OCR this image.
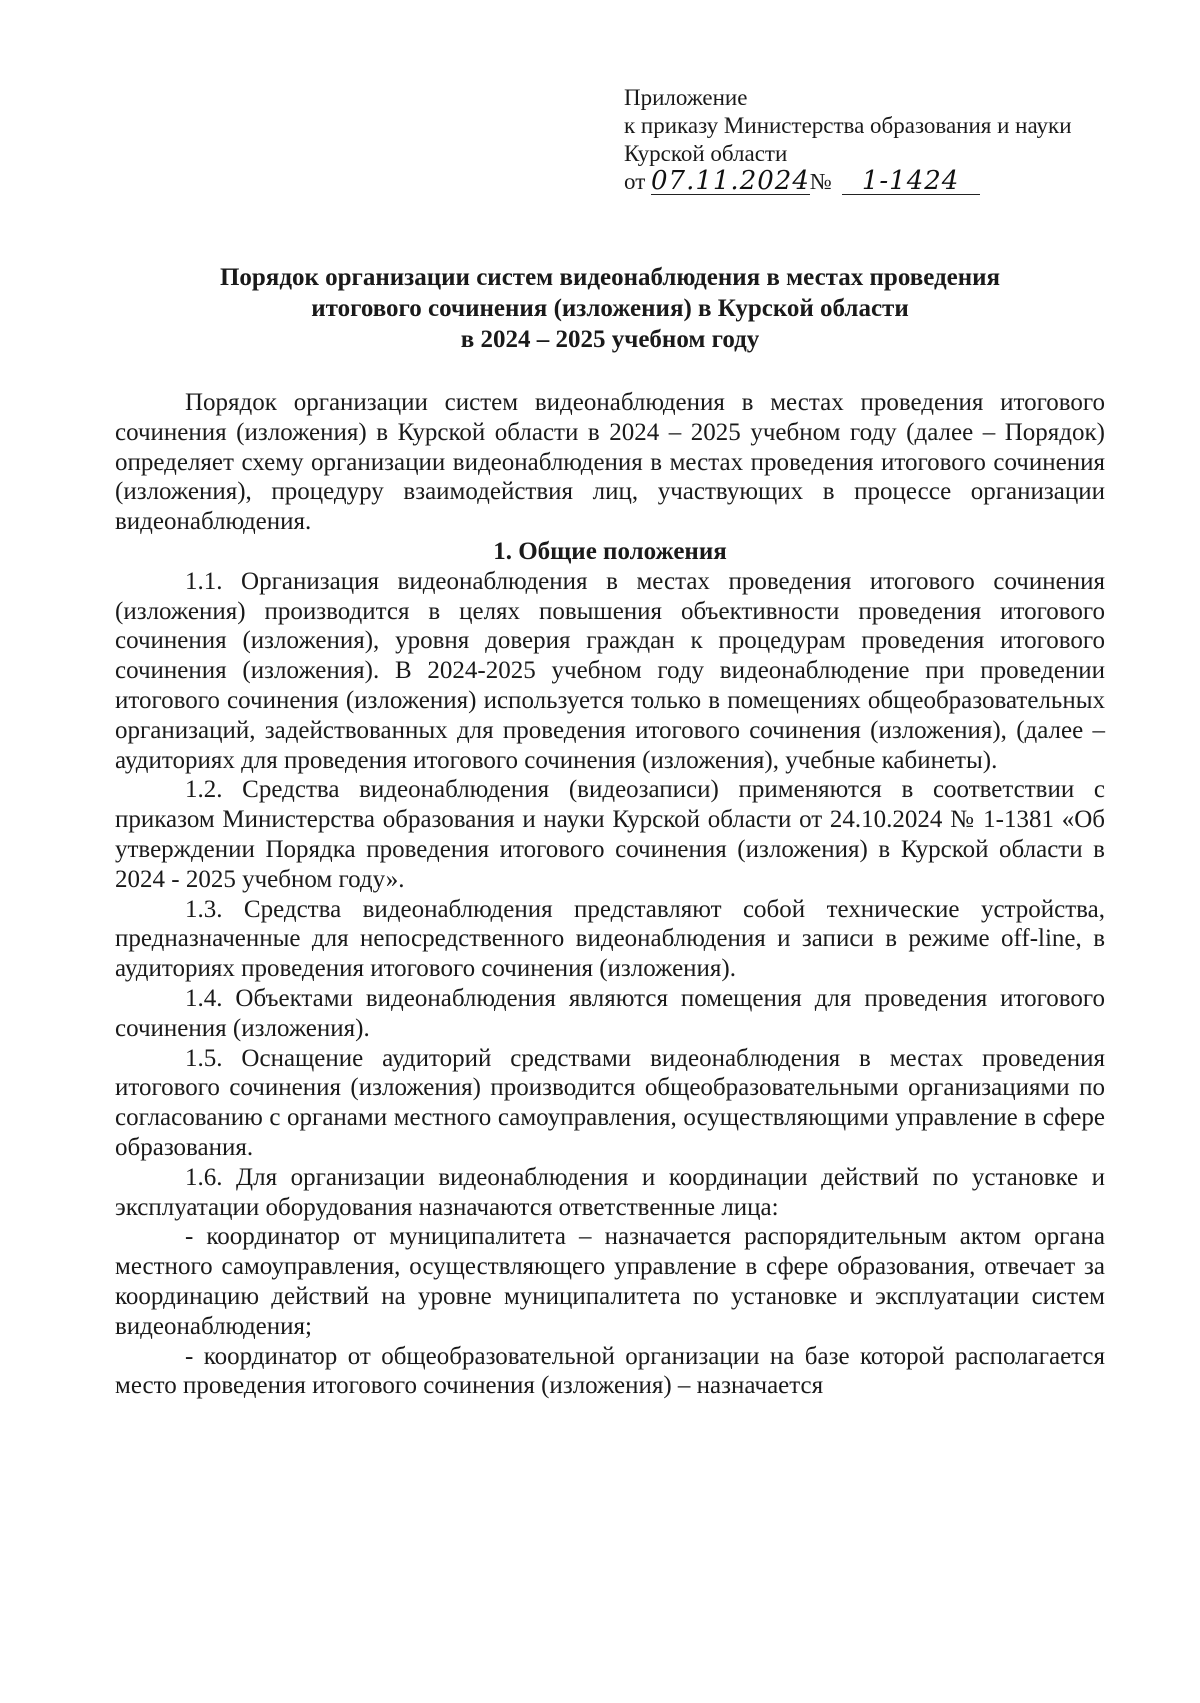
Приложение
к приказу Министерства образования и науки
Курской области
от 07.11.2024№ 1-1424
Порядок организации систем видеонаблюдения в местах проведения
итогового сочинения (изложения) в Курской области
в 2024 – 2025 учебном году

Порядок организации систем видеонаблюдения в местах проведения итогового сочинения (изложения) в Курской области в 2024 – 2025 учебном году (далее – Порядок) определяет схему организации видеонаблюдения в местах проведения итогового сочинения (изложения), процедуру взаимодействия лиц, участвующих в процессе организации видеонаблюдения.

1. Общие положения

1.1. Организация видеонаблюдения в местах проведения итогового сочинения (изложения) производится в целях повышения объективности проведения итогового сочинения (изложения), уровня доверия граждан к процедурам проведения итогового сочинения (изложения). В 2024-2025 учебном году видеонаблюдение при проведении итогового сочинения (изложения) используется только в помещениях общеобразовательных организаций, задействованных для проведения итогового сочинения (изложения), (далее – аудиториях для проведения итогового сочинения (изложения), учебные кабинеты).

1.2. Средства видеонаблюдения (видеозаписи) применяются в соответствии с приказом Министерства образования и науки Курской области от 24.10.2024 № 1-1381 «Об утверждении Порядка проведения итогового сочинения (изложения) в Курской области в 2024 - 2025 учебном году».

1.3. Средства видеонаблюдения представляют собой технические устройства, предназначенные для непосредственного видеонаблюдения и записи в режиме off-line, в аудиториях проведения итогового сочинения (изложения).

1.4. Объектами видеонаблюдения являются помещения для проведения итогового сочинения (изложения).

1.5. Оснащение аудиторий средствами видеонаблюдения в местах проведения итогового сочинения (изложения) производится общеобразовательными организациями по согласованию с органами местного самоуправления, осуществляющими управление в сфере образования.

1.6. Для организации видеонаблюдения и координации действий по установке и эксплуатации оборудования назначаются ответственные лица:

- координатор от муниципалитета – назначается распорядительным актом органа местного самоуправления, осуществляющего управление в сфере образования, отвечает за координацию действий на уровне муниципалитета по установке и эксплуатации систем видеонаблюдения;

- координатор от общеобразовательной организации на базе которой располагается место проведения итогового сочинения (изложения) – назначается
